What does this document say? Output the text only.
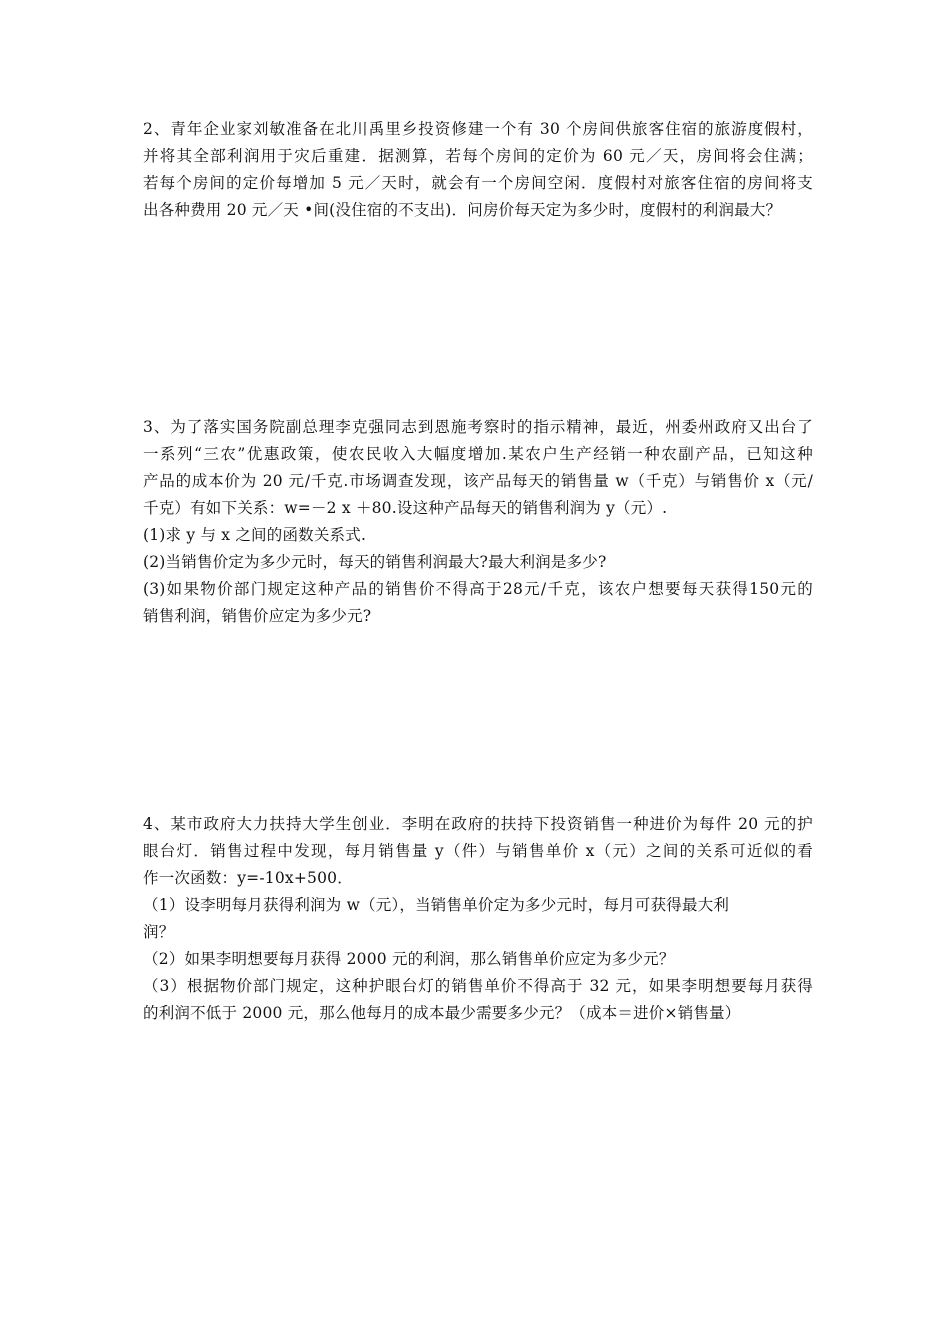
2、青年企业家刘敏准备在北川禹里乡投资修建一个有 30 个房间供旅客住宿的旅游度假村，

并将其全部利润用于灾后重建．据测算，若每个房间的定价为 60 元／天，房间将会住满；

若每个房间的定价每增加 5 元／天时，就会有一个房间空闲．度假村对旅客住宿的房间将支

出各种费用 20 元／天 •间(没住宿的不支出)．问房价每天定为多少时，度假村的利润最大？

3、为了落实国务院副总理李克强同志到恩施考察时的指示精神，最近，州委州政府又出台了

一系列“三农”优惠政策，使农民收入大幅度增加.某农户生产经销一种农副产品，已知这种

产品的成本价为 20 元/千克.市场调查发现，该产品每天的销售量 w（千克）与销售价 x（元/

千克）有如下关系：w=－2 x ＋80.设这种产品每天的销售利润为 y（元）.

(1)求 y 与 x 之间的函数关系式.

(2)当销售价定为多少元时，每天的销售利润最大?最大利润是多少?

(3)如果物价部门规定这种产品的销售价不得高于28元/千克，该农户想要每天获得150元的

销售利润，销售价应定为多少元?

4、某市政府大力扶持大学生创业．李明在政府的扶持下投资销售一种进价为每件 20 元的护

眼台灯．销售过程中发现，每月销售量 y（件）与销售单价 x（元）之间的关系可近似的看

作一次函数：y=-10x+500．

（1）设李明每月获得利润为 w（元），当销售单价定为多少元时，每月可获得最大利

润？

（2）如果李明想要每月获得 2000 元的利润，那么销售单价应定为多少元？

（3）根据物价部门规定，这种护眼台灯的销售单价不得高于 32 元，如果李明想要每月获得

的利润不低于 2000 元，那么他每月的成本最少需要多少元？（成本＝进价×销售量）
